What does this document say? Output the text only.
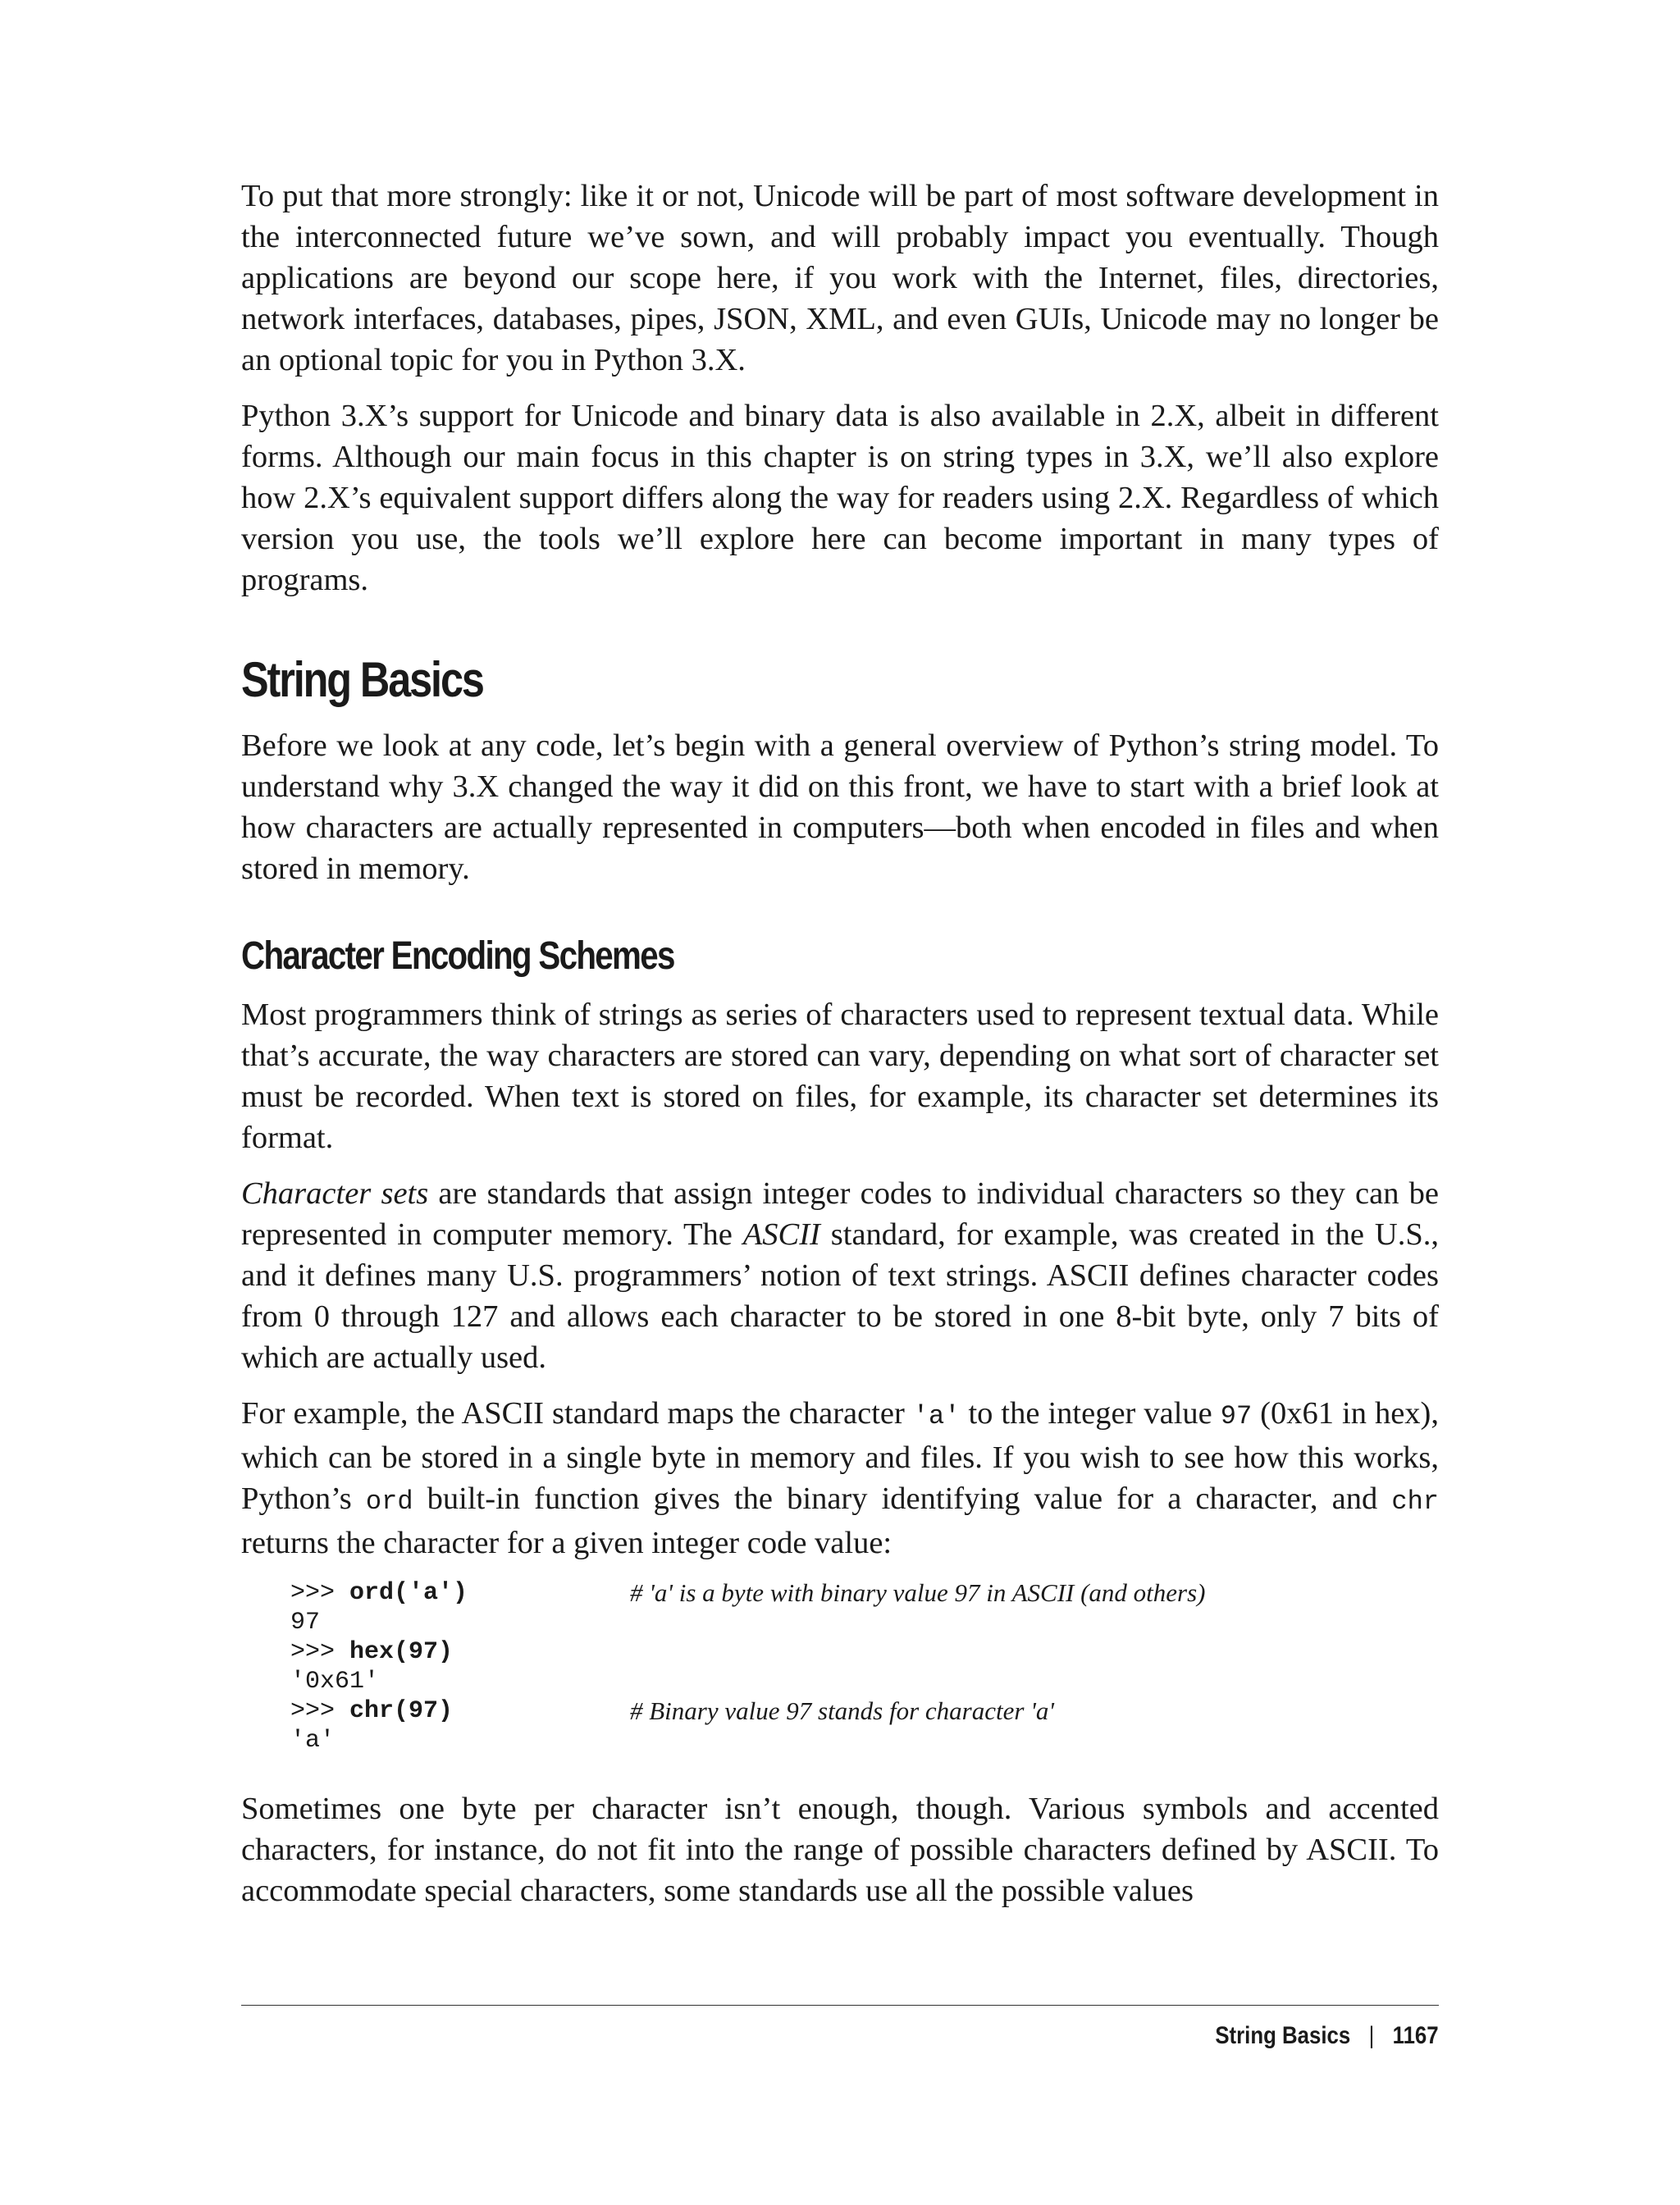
To put that more strongly: like it or not, Unicode will be part of most software development in the interconnected future we’ve sown, and will probably impact you eventually. Though applications are beyond our scope here, if you work with the Internet, files, directories, network interfaces, databases, pipes, JSON, XML, and even GUIs, Unicode may no longer be an optional topic for you in Python 3.X.

Python 3.X’s support for Unicode and binary data is also available in 2.X, albeit in different forms. Although our main focus in this chapter is on string types in 3.X, we’ll also explore how 2.X’s equivalent support differs along the way for readers using 2.X. Regardless of which version you use, the tools we’ll explore here can become important in many types of programs.

String Basics

Before we look at any code, let’s begin with a general overview of Python’s string model. To understand why 3.X changed the way it did on this front, we have to start with a brief look at how characters are actually represented in computers—both when encoded in files and when stored in memory.

Character Encoding Schemes

Most programmers think of strings as series of characters used to represent textual data. While that’s accurate, the way characters are stored can vary, depending on what sort of character set must be recorded. When text is stored on files, for example, its character set determines its format.

Character sets are standards that assign integer codes to individual characters so they can be represented in computer memory. The ASCII standard, for example, was created in the U.S., and it defines many U.S. programmers’ notion of text strings. ASCII defines character codes from 0 through 127 and allows each character to be stored in one 8-bit byte, only 7 bits of which are actually used.

For example, the ASCII standard maps the character 'a' to the integer value 97 (0x61 in hex), which can be stored in a single byte in memory and files. If you wish to see how this works, Python’s ord built-in function gives the binary identifying value for a character, and chr returns the character for a given integer code value:

>>> ord('a')	# 'a' is a byte with binary value 97 in ASCII (and others)
97
>>> hex(97)
'0x61'
>>> chr(97)	# Binary value 97 stands for character 'a'
'a'

Sometimes one byte per character isn’t enough, though. Various symbols and accented characters, for instance, do not fit into the range of possible characters defined by ASCII. To accommodate special characters, some standards use all the possible values

String Basics | 1167
